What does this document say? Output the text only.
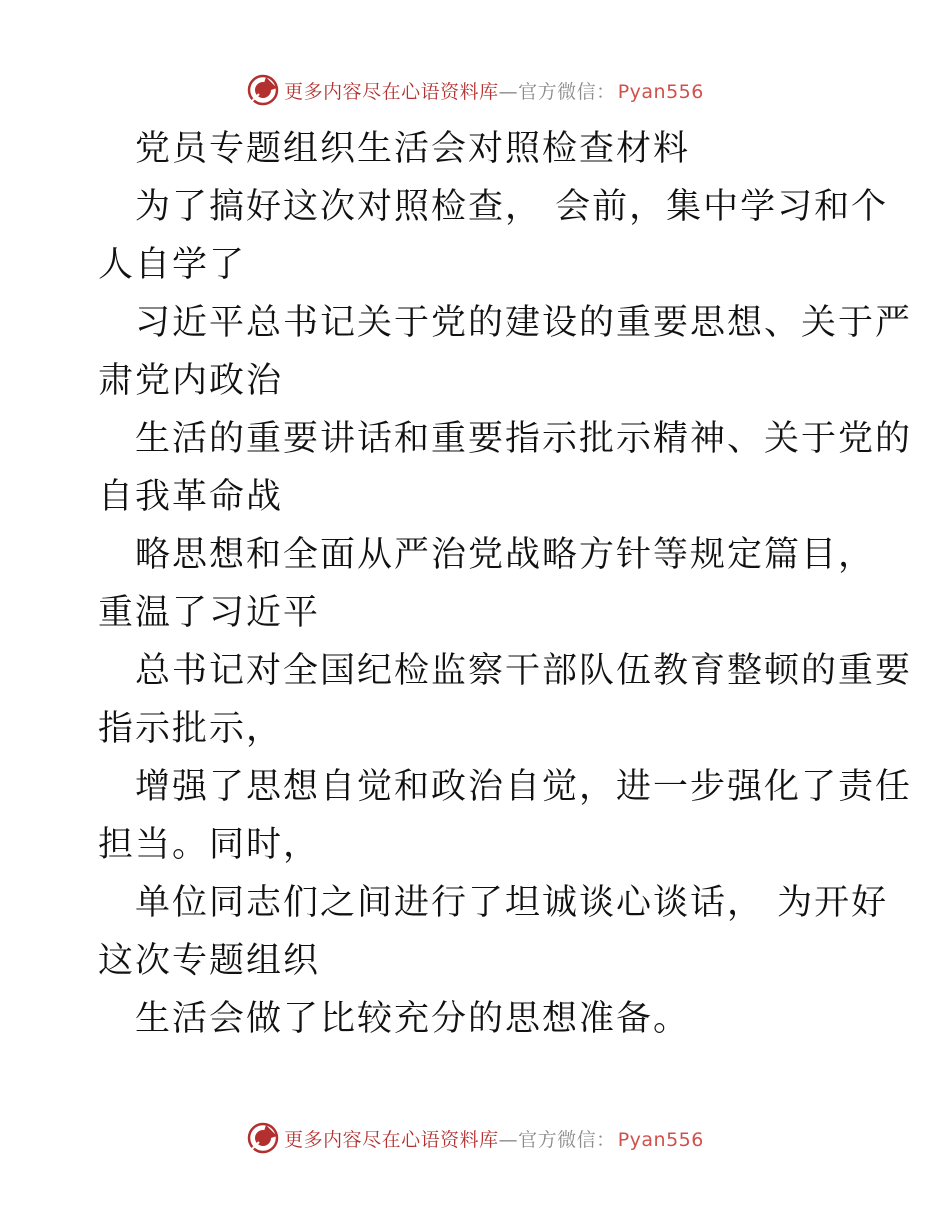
更多内容尽在心语资料库—官方微信： Pyan556
党员专题组织生活会对照检查材料
为了搞好这次对照检查， 会前，集中学习和个
人自学了
习近平总书记关于党的建设的重要思想、关于严
肃党内政治
生活的重要讲话和重要指示批示精神、关于党的
自我革命战
略思想和全面从严治党战略方针等规定篇目，
重温了习近平
总书记对全国纪检监察干部队伍教育整顿的重要
指示批示，
增强了思想自觉和政治自觉，进一步强化了责任
担当。同时，
单位同志们之间进行了坦诚谈心谈话， 为开好
这次专题组织
生活会做了比较充分的思想准备。
更多内容尽在心语资料库—官方微信： Pyan556
